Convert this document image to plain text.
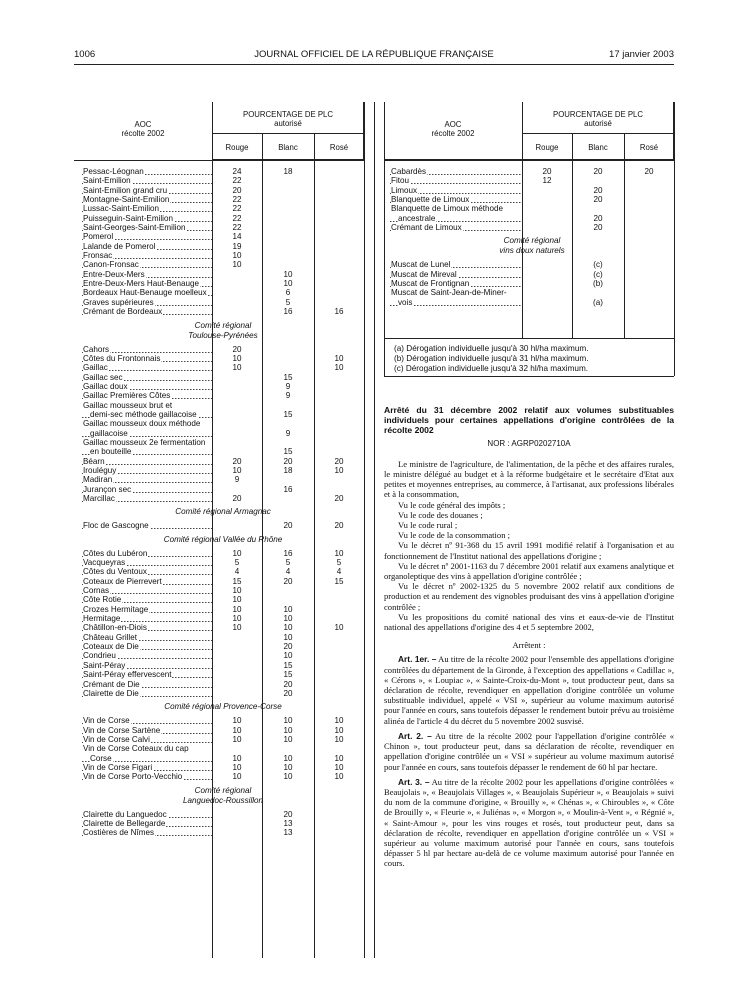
1006	JOURNAL OFFICIEL DE LA RÉPUBLIQUE FRANÇAISE	17 janvier 2003
AOC
récolte 2002
POURCENTAGE DE PLC
autorisé
Rouge	Blanc	Rosé
Pessac-Léognan	24	18	
Saint-Emilion	22		
Saint-Emilion grand cru	20		
Montagne-Saint-Emilion	22		
Lussac-Saint-Emilion	22		
Puisseguin-Saint-Emilion	22		
Saint-Georges-Saint-Emilion	22		
Pomerol	14		
Lalande de Pomerol	19		
Fronsac	10		
Canon-Fronsac	10		
Entre-Deux-Mers		10	
Entre-Deux-Mers Haut-Benauge		10	
Bordeaux Haut-Benauge moelleux		6	
Graves supérieures		5	
Crémant de Bordeaux		16	16
Comité régional
Toulouse-Pyrénées			
Cahors	20		
Côtes du Frontonnais	10		10
Gaillac	10		10
Gaillac sec		15	
Gaillac doux		9	
Gaillac Premières Côtes		9	
Gaillac mousseux brut et			
demi-sec méthode gaillacoise		15	
Gaillac mousseux doux méthode			
gaillacoise		9	
Gaillac mousseux 2e fermentation			
en bouteille		15	
Béarn	20	20	20
Irouléguy	10	18	10
Madiran	9		
Jurançon sec		16	
Marcillac	20		20
Comité régional Armagnac			
Floc de Gascogne		20	20
Comité régional Vallée du Rhône			
Côtes du Lubéron	10	16	10
Vacqueyras	5	5	5
Côtes du Ventoux	4	4	4
Coteaux de Pierrevert	15	20	15
Cornas	10		
Côte Rotie	10		
Crozes Hermitage	10	10	
Hermitage	10	10	
Châtillon-en-Diois	10	10	10
Château Grillet		10	
Coteaux de Die		20	
Condrieu		10	
Saint-Péray		15	
Saint-Péray effervescent		15	
Crémant de Die		20	
Clairette de Die		20	
Comité régional Provence-Corse			
Vin de Corse	10	10	10
Vin de Corse Sartène	10	10	10
Vin de Corse Calvi	10	10	10
Vin de Corse Coteaux du cap			
Corse	10	10	10
Vin de Corse Figari	10	10	10
Vin de Corse Porto-Vecchio	10	10	10
Comité régional
Languedoc-Roussillon			
Clairette du Languedoc		20	
Clairette de Bellegarde		13	
Costières de Nîmes		13	
AOC
récolte 2002
POURCENTAGE DE PLC
autorisé
Rouge	Blanc	Rosé
Cabardès	20	20	20
Fitou	12		
Limoux		20	
Blanquette de Limoux		20	
Blanquette de Limoux méthode			
ancestrale		20	
Crémant de Limoux		20	
Comité régional
vins doux naturels			
Muscat de Lunel		(c)	
Muscat de Mireval		(c)	
Muscat de Frontignan		(b)	
Muscat de Saint-Jean-de-Miner-			
vois		(a)	
(a) Dérogation individuelle jusqu'à 30 hl/ha maximum.
(b) Dérogation individuelle jusqu'à 31 hl/ha maximum.
(c) Dérogation individuelle jusqu'à 32 hl/ha maximum.
Arrêté du 31 décembre 2002 relatif aux volumes substituables individuels pour certaines appellations d'origine contrôlées de la récolte 2002
NOR : AGRP0202710A

Le ministre de l'agriculture, de l'alimentation, de la pêche et des affaires rurales, le ministre délégué au budget et à la réforme budgétaire et le secrétaire d'Etat aux petites et moyennes entreprises, au commerce, à l'artisanat, aux professions libérales et à la consommation,

Vu le code général des impôts ;

Vu le code des douanes ;

Vu le code rural ;

Vu le code de la consommation ;

Vu le décret nº 91-368 du 15 avril 1991 modifié relatif à l'organisation et au fonctionnement de l'Institut national des appellations d'origine ;

Vu le décret nº 2001-1163 du 7 décembre 2001 relatif aux examens analytique et organoleptique des vins à appellation d'origine contrôlée ;

Vu le décret nº 2002-1325 du 5 novembre 2002 relatif aux conditions de production et au rendement des vignobles produisant des vins à appellation d'origine contrôlée ;

Vu les propositions du comité national des vins et eaux-de-vie de l'Institut national des appellations d'origine des 4 et 5 septembre 2002,

Arrêtent :

Art. 1er. – Au titre de la récolte 2002 pour l'ensemble des appellations d'origine contrôlées du département de la Gironde, à l'exception des appellations « Cadillac », « Cérons », « Loupiac », « Sainte-Croix-du-Mont », tout producteur peut, dans sa déclaration de récolte, revendiquer en appellation d'origine contrôlée un volume substituable individuel, appelé « VSI », supérieur au volume maximum autorisé pour l'année en cours, sans toutefois dépasser le rendement butoir prévu au troisième alinéa de l'article 4 du décret du 5 novembre 2002 susvisé.

Art. 2. – Au titre de la récolte 2002 pour l'appellation d'origine contrôlée « Chinon », tout producteur peut, dans sa déclaration de récolte, revendiquer en appellation d'origine contrôlée un « VSI » supérieur au volume maximum autorisé pour l'année en cours, sans toutefois dépasser le rendement de 60 hl par hectare.

Art. 3. – Au titre de la récolte 2002 pour les appellations d'origine contrôlées « Beaujolais », « Beaujolais Villages », « Beaujolais Supérieur », « Beaujolais » suivi du nom de la commune d'origine, « Brouilly », « Chénas », « Chiroubles », « Côte de Brouilly », « Fleurie », « Juliénas », « Morgon », « Moulin-à-Vent », « Régnié », « Saint-Amour », pour les vins rouges et rosés, tout producteur peut, dans sa déclaration de récolte, revendiquer en appellation d'origine contrôlée un « VSI » supérieur au volume maximum autorisé pour l'année en cours, sans toutefois dépasser 5 hl par hectare au-delà de ce volume maximum autorisé pour l'année en cours.
